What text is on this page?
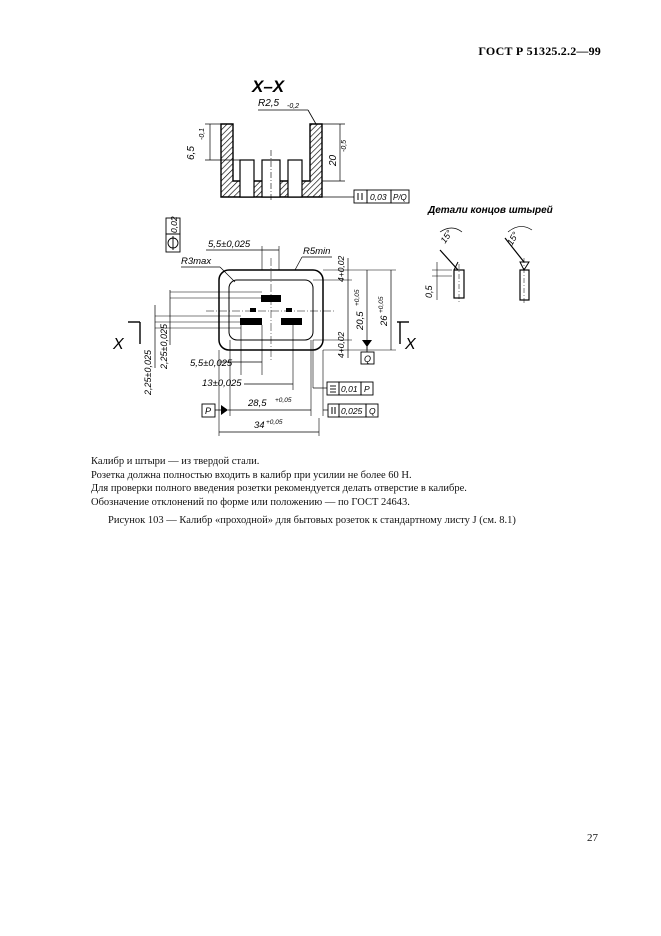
ГОСТ Р 51325.2.2—99
X–X
R2,5 -0,2
6,5
-0,1
20
-0,5
0,03 P/Q
Детали концов штырей
15°
0,5
15°
0,02
5,5±0,025
R3max
R5min
2,25±0,025
2,25±0,025
X	X
4+0,02
20,5
+0,05
26
+0,05
4+0,02
Q
5,5±0,025
13±0,025	0,01 P
P
28,5 +0,05
0,025 Q
34 +0,05
Калибр и штыри — из твердой стали.
Розетка должна полностью входить в калибр при усилии не более 60 Н.
Для проверки полного введения розетки рекомендуется делать отверстие в калибре.
Обозначение отклонений по форме или положению — по ГОСТ 24643.
Рисунок 103 — Калибр «проходной» для бытовых розеток к стандартному листу J (см. 8.1)
27
